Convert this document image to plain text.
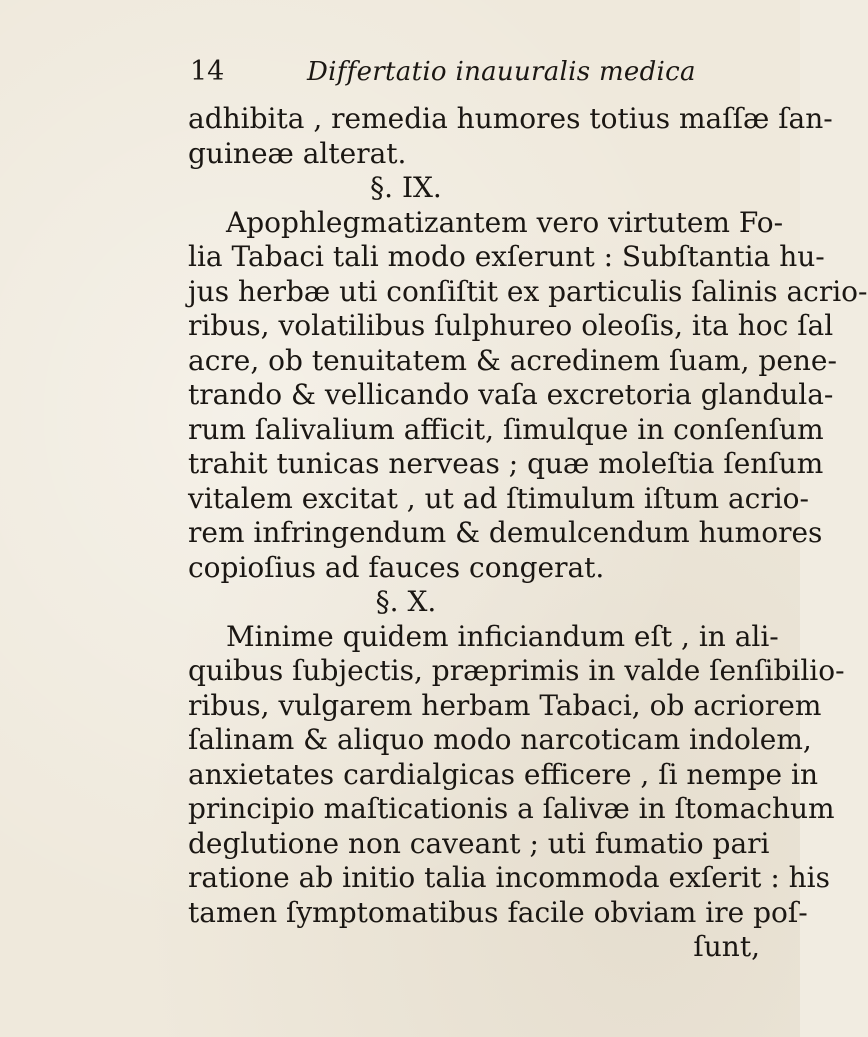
14	Differtatio inauuralis medica
adhibita , remedia humores totius maſſæ ſan-
guineæ alterat.
§. IX.
Apophlegmatizantem vero virtutem Fo-
lia Tabaci tali modo exſerunt : Subſtantia hu-
jus herbæ uti conſiſtit ex particulis ſalinis acrio-
ribus, volatilibus ſulphureo oleoſis, ita hoc ſal
acre, ob tenuitatem & acredinem ſuam, pene-
trando & vellicando vaſa excretoria glandula-
rum ſalivalium afficit, ſimulque in conſenſum
trahit tunicas nerveas ; quæ moleſtia ſenſum
vitalem excitat , ut ad ſtimulum iſtum acrio-
rem infringendum & demulcendum humores
copioſius ad fauces congerat.
§. X.
Minime quidem inficiandum eſt , in ali-
quibus ſubjectis, præprimis in valde ſenſibilio-
ribus, vulgarem herbam Tabaci, ob acriorem
ſalinam & aliquo modo narcoticam indolem,
anxietates cardialgicas efficere , ſi nempe in
principio maſticationis a ſalivæ in ſtomachum
deglutione non caveant ; uti fumatio pari
ratione ab initio talia incommoda exſerit : his
tamen ſymptomatibus facile obviam ire poſ-
ſunt,
